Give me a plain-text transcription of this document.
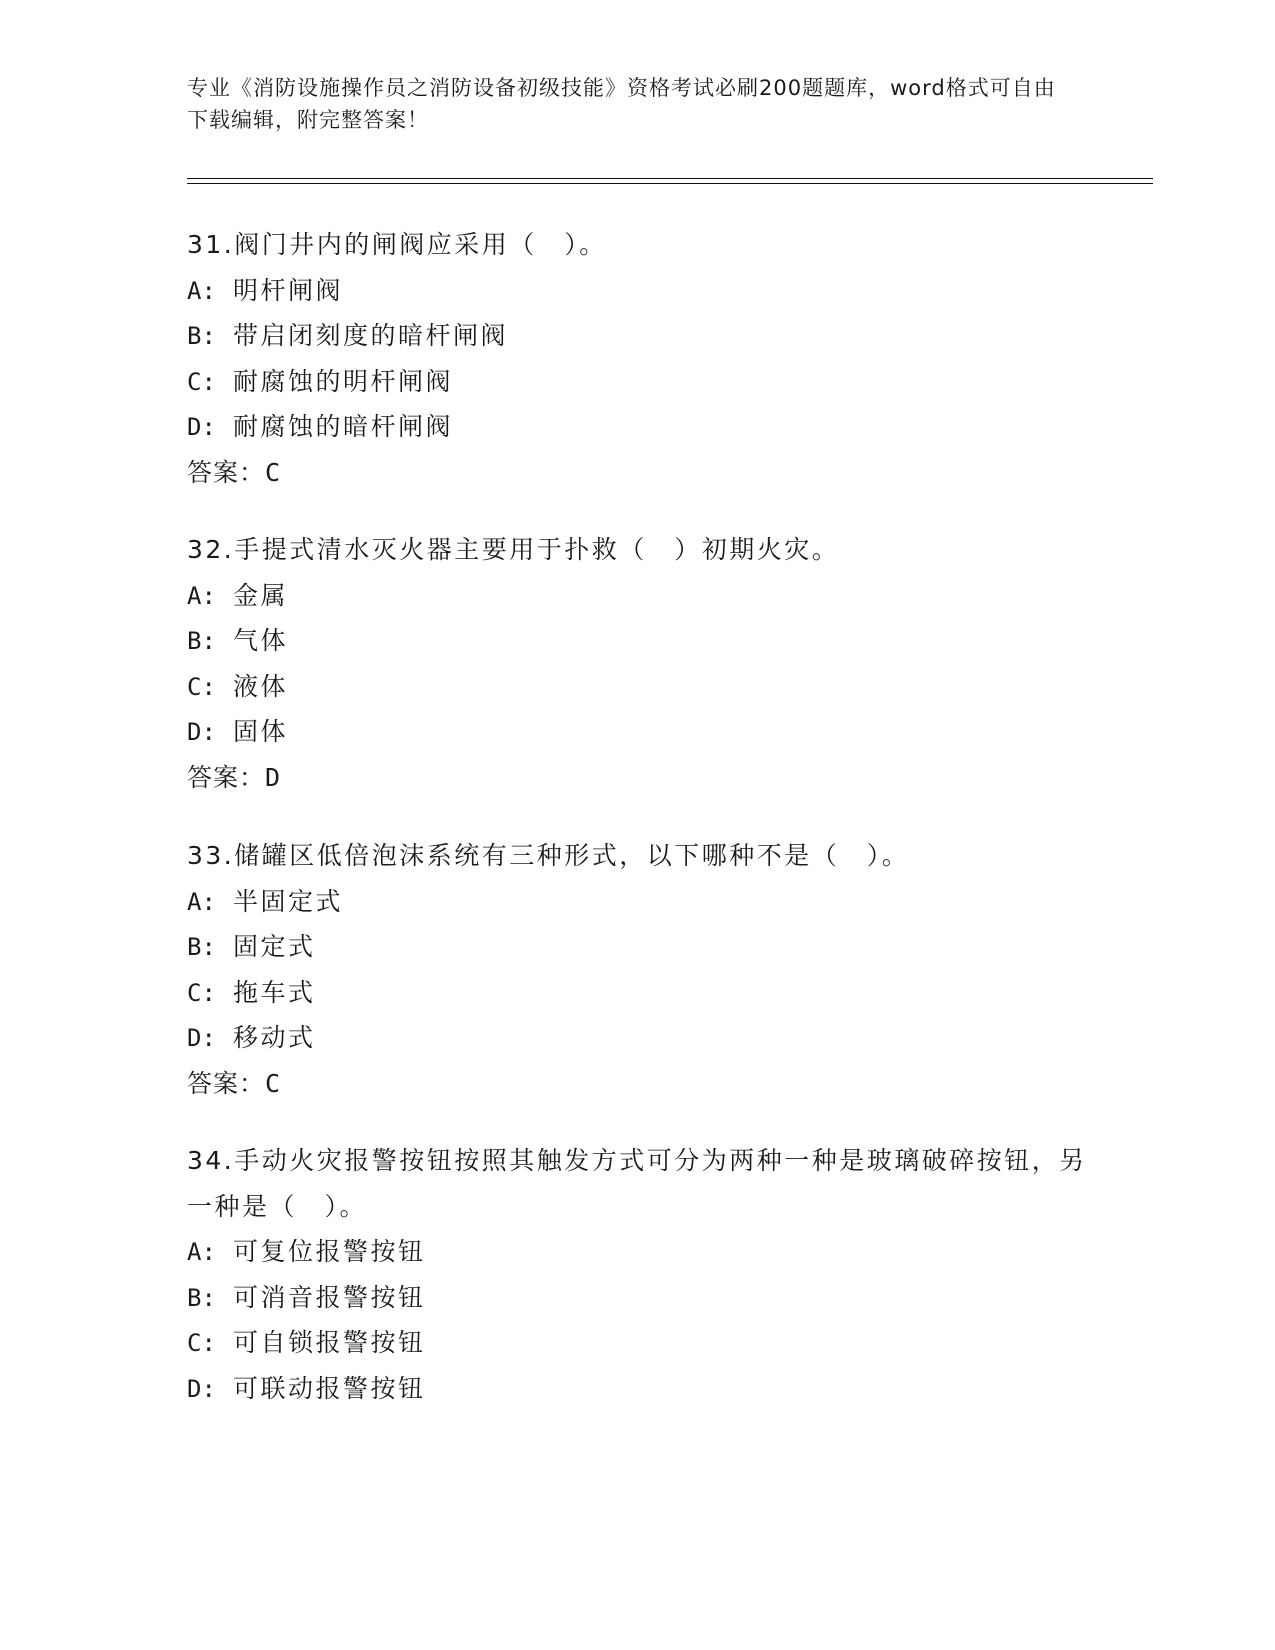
专业《消防设施操作员之消防设备初级技能》资格考试必刷200题题库，word格式可自由下载编辑，附完整答案！
31.阀门井内的闸阀应采用（　）。
A: 明杆闸阀
B: 带启闭刻度的暗杆闸阀
C: 耐腐蚀的明杆闸阀
D: 耐腐蚀的暗杆闸阀
答案：C
32.手提式清水灭火器主要用于扑救（　）初期火灾。
A: 金属
B: 气体
C: 液体
D: 固体
答案：D
33.储罐区低倍泡沫系统有三种形式，以下哪种不是（　）。
A: 半固定式
B: 固定式
C: 拖车式
D: 移动式
答案：C
34.手动火灾报警按钮按照其触发方式可分为两种一种是玻璃破碎按钮，另一种是（　）。
A: 可复位报警按钮
B: 可消音报警按钮
C: 可自锁报警按钮
D: 可联动报警按钮
